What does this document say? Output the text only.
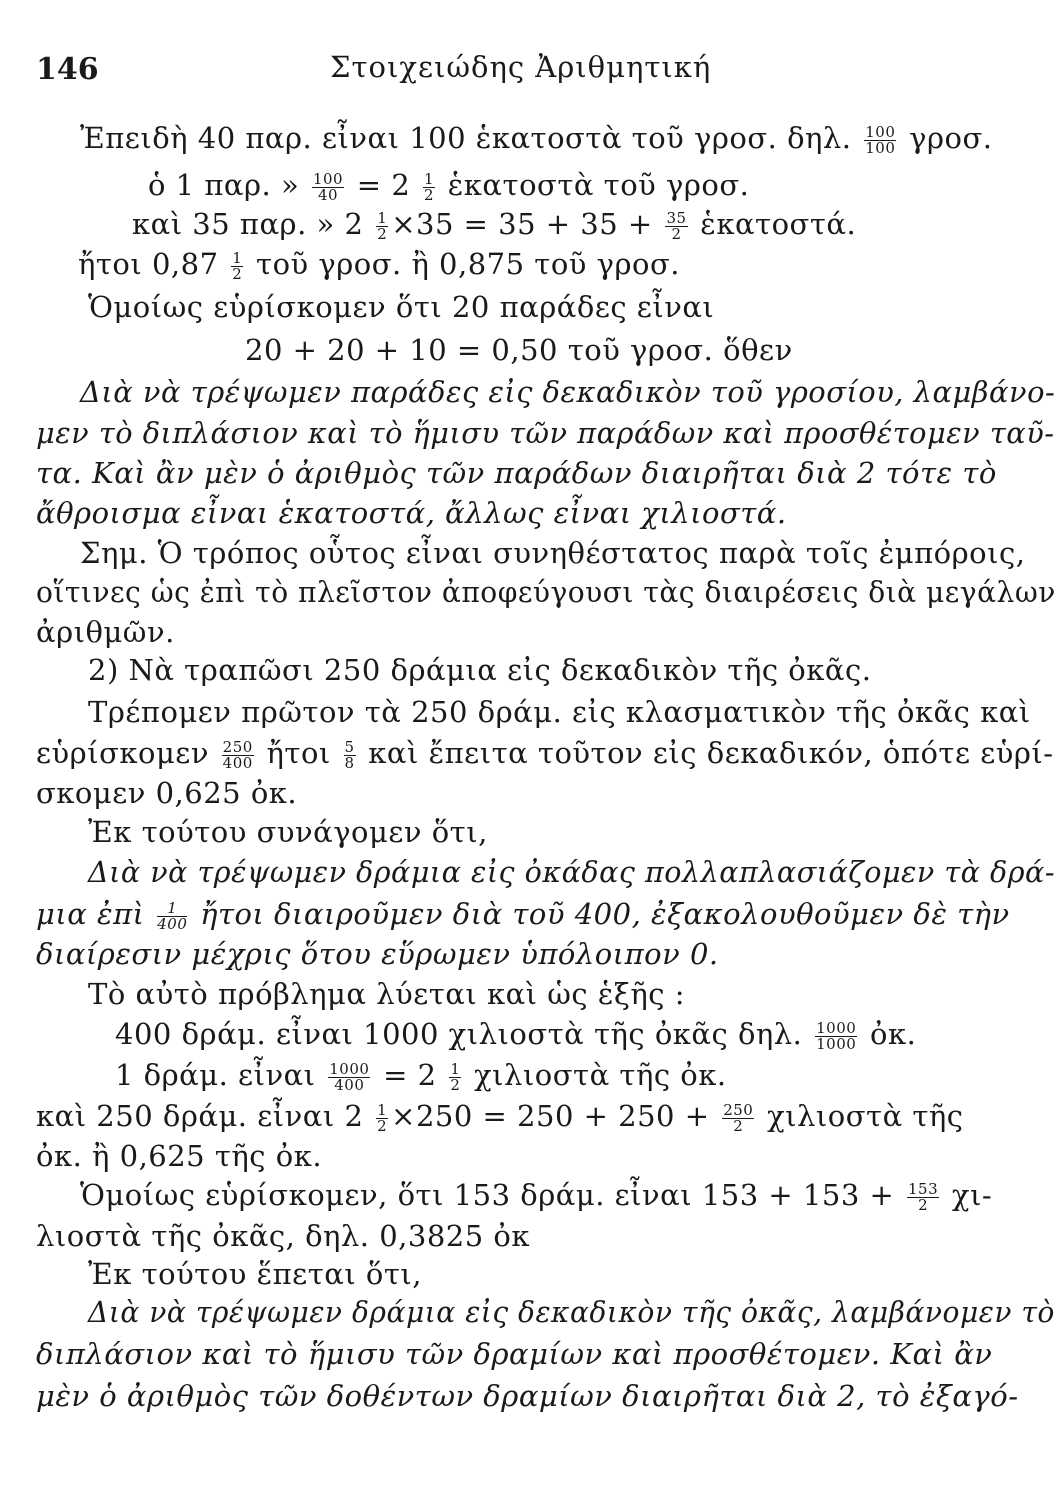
146	Στοιχειώδης Ἀριθμητική
Ἐπειδὴ 40 παρ. εἶναι 100 ἑκατοστὰ τοῦ γροσ. δηλ. $\frac{100}{100} \gamma\rho o\sigma$.
ὁ 1 παρ. » $\frac{100}{40} = 2 \frac{1}{2}$ ἑκατοστὰ τοῦ γροσ.
καὶ 35 παρ. » $2 \frac{1}{2} \times 35 = 35 + 35 + \frac{35}{2}$ ἑκατοστά.
ἤτοι $0,87 \frac{1}{2}$ τοῦ γροσ. ἢ 0,875 τοῦ γροσ.
Ὁμοίως εὑρίσκομεν ὅτι 20 παράδες εἶναι
20 + 20 + 10 = 0,50 τοῦ γροσ. ὅθεν
Διὰ νὰ τρέψωμεν παράδες εἰς δεκαδικὸν τοῦ γροσίου, λαμβάνο-
μεν τὸ διπλάσιον καὶ τὸ ἥμισυ τῶν παράδων καὶ προσθέτομεν ταῦ-
τα. Καὶ ἂν μὲν ὁ ἀριθμὸς τῶν παράδων διαιρῆται διὰ 2 τότε τὸ
ἄθροισμα εἶναι ἑκατοστά, ἄλλως εἶναι χιλιοστά.
Σημ. Ὁ τρόπος οὗτος εἶναι συνηθέστατος παρὰ τοῖς ἐμπόροις,
οἵτινες ὡς ἐπὶ τὸ πλεῖστον ἀποφεύγουσι τὰς διαιρέσεις διὰ μεγάλων
ἀριθμῶν.
2) Νὰ τραπῶσι 250 δράμια εἰς δεκαδικὸν τῆς ὀκᾶς.
Τρέπομεν πρῶτον τὰ 250 δράμ. εἰς κλασματικὸν τῆς ὀκᾶς καὶ
εὑρίσκομεν $\frac{250}{400}$ ἤτοι $\frac{5}{8}$ καὶ ἔπειτα τοῦτον εἰς δεκαδικόν, ὁπότε εὑρί-
σκομεν 0,625 ὀκ.
Ἐκ τούτου συνάγομεν ὅτι,
Διὰ νὰ τρέψωμεν δράμια εἰς ὀκάδας πολλαπλασιάζομεν τὰ δρά-
μια ἐπὶ $\frac{1}{400}$ ἤτοι διαιροῦμεν διὰ τοῦ 400, ἐξακολουθοῦμεν δὲ τὴν
διαίρεσιν μέχρις ὅτου εὕρωμεν ὑπόλοιπον 0.
Τὸ αὐτὸ πρόβλημα λύεται καὶ ὡς ἑξῆς :
400 δράμ. εἶναι 1000 χιλιοστὰ τῆς ὀκᾶς δηλ. $\frac{1000}{1000}$ ὀκ.
1 δράμ. εἶναι $\frac{1000}{400} = 2 \frac{1}{2}$ χιλιοστὰ τῆς ὀκ.
καὶ 250 δράμ. εἶναι $2 \frac{1}{2} \times 250 = 250 + 250 + \frac{250}{2}$ χιλιοστὰ τῆς
ὀκ. ἢ 0,625 τῆς ὀκ.
Ὁμοίως εὑρίσκομεν, ὅτι 153 δράμ. εἶναι $153 + 153 + \frac{153}{2} \chi\iota-$
λιοστὰ τῆς ὀκᾶς, δηλ. 0,3825 ὀκ
Ἐκ τούτου ἕπεται ὅτι,
Διὰ νὰ τρέψωμεν δράμια εἰς δεκαδικὸν τῆς ὀκᾶς, λαμβάνομεν τὸ
διπλάσιον καὶ τὸ ἥμισυ τῶν δραμίων καὶ προσθέτομεν. Καὶ ἂν
μὲν ὁ ἀριθμὸς τῶν δοθέντων δραμίων διαιρῆται διὰ 2, τὸ ἐξαγό-
